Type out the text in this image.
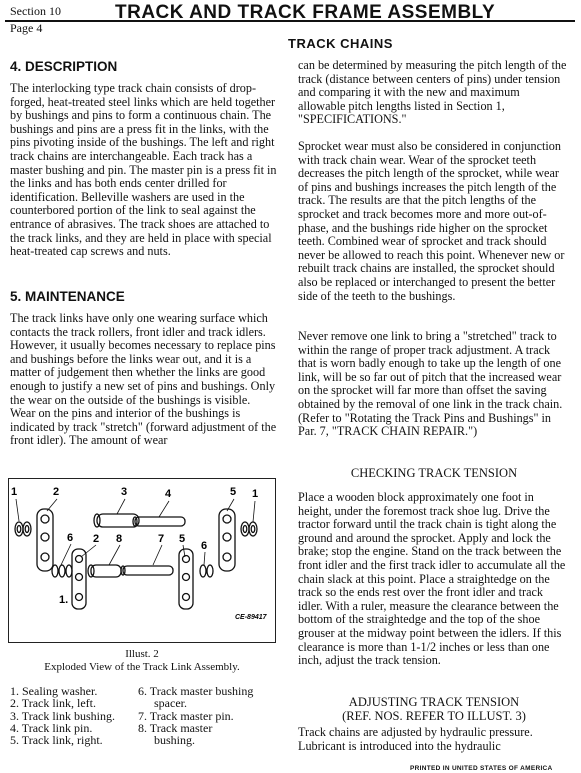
Section 10
Page 4
TRACK AND TRACK FRAME ASSEMBLY
TRACK CHAINS
4. DESCRIPTION

The interlocking type track chain consists of drop-forged, heat-treated steel links which are held together by bushings and pins to form a continuous chain. The bushings and pins are a press fit in the links, with the pins pivoting inside of the bushings. The left and right track chains are interchangeable. Each track has a master bushing and pin. The master pin is a press fit in the links and has both ends center drilled for identification. Belleville washers are used in the counterbored portion of the link to seal against the entrance of abrasives. The track shoes are attached to the track links, and they are held in place with special heat-treated cap screws and nuts.

5. MAINTENANCE

The track links have only one wearing surface which contacts the track rollers, front idler and track idlers. However, it usually becomes necessary to replace pins and bushings before the links wear out, and it is a matter of judgement then whether the links are good enough to justify a new set of pins and bushings. Only the wear on the outside of the bushings is visible. Wear on the pins and interior of the bushings is indicated by track "stretch" (forward adjustment of the front idler). The amount of wear

1	2	3	4	5 1
6 2 8	7 5
6
1.
CE-89417
Illust. 2
Exploded View of the Track Link Assembly.
1. Sealing washer.
2. Track link, left.
3. Track link bushing.
4. Track link pin.
5. Track link, right.
6. Track master bushing
spacer.
7. Track master pin.
8. Track master
bushing.

can be determined by measuring the pitch length of the track (distance between centers of pins) under tension and comparing it with the new and maximum allowable pitch lengths listed in Section 1, "SPECIFICATIONS."

Sprocket wear must also be considered in conjunction with track chain wear. Wear of the sprocket teeth decreases the pitch length of the sprocket, while wear of pins and bushings increases the pitch length of the track. The results are that the pitch lengths of the sprocket and track becomes more and more out-of-phase, and the bushings ride higher on the sprocket teeth. Combined wear of sprocket and track should never be allowed to reach this point. Whenever new or rebuilt track chains are installed, the sprocket should also be replaced or interchanged to present the better side of the teeth to the bushings.

Never remove one link to bring a "stretched" track to within the range of proper track adjustment. A track that is worn badly enough to take up the length of one link, will be so far out of pitch that the increased wear on the sprocket will far more than offset the saving obtained by the removal of one link in the track chain. (Refer to "Rotating the Track Pins and Bushings" in Par. 7, "TRACK CHAIN REPAIR.")

CHECKING TRACK TENSION

Place a wooden block approximately one foot in height, under the foremost track shoe lug. Drive the tractor forward until the track chain is tight along the ground and around the sprocket. Apply and lock the brake; stop the engine. Stand on the track between the front idler and the first track idler to accumulate all the chain slack at this point. Place a straightedge on the track so the ends rest over the front idler and track idler. With a ruler, measure the clearance between the bottom of the straightedge and the top of the shoe grouser at the midway point between the idlers. If this clearance is more than 1-1/2 inches or less than one inch, adjust the track tension.

ADJUSTING TRACK TENSION
(REF. NOS. REFER TO ILLUST. 3)

Track chains are adjusted by hydraulic pressure. Lubricant is introduced into the hydraulic

PRINTED IN UNITED STATES OF AMERICA
